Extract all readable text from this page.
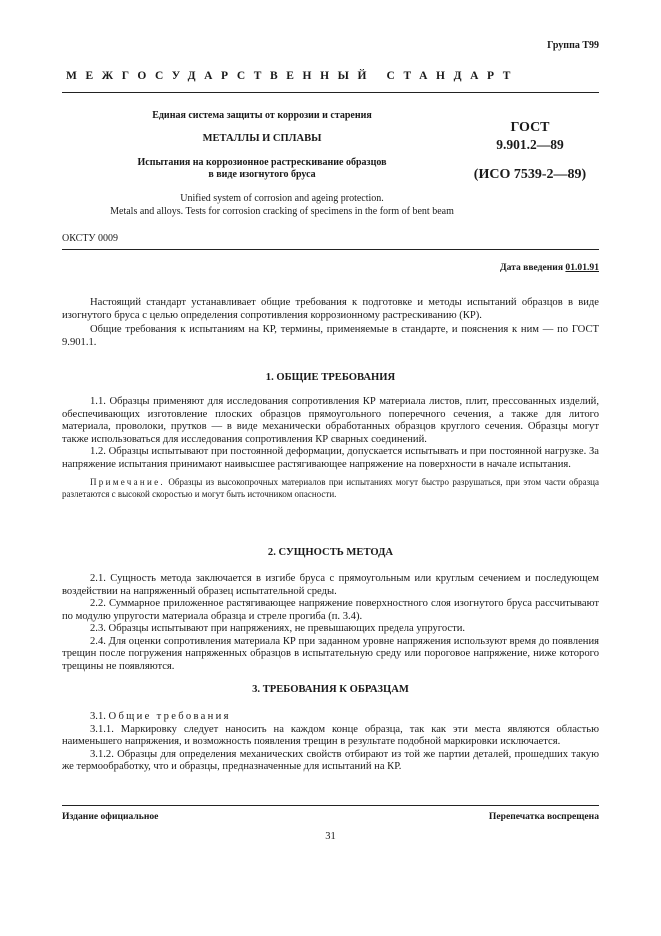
Группа Т99
МЕЖГОСУДАРСТВЕННЫЙ СТАНДАРТ
Единая система защиты от коррозии и старения
МЕТАЛЛЫ И СПЛАВЫ
Испытания на коррозионное растрескивание образцов
в виде изогнутого бруса
ГОСТ
9.901.2—89
(ИСО 7539-2—89)
Unified system of corrosion and ageing protection.
Metals and alloys. Tests for corrosion cracking of specimens in the form of bent beam
ОКСТУ 0009
Дата введения 01.01.91

Настоящий стандарт устанавливает общие требования к подготовке и методы испытаний образцов в виде изогнутого бруса с целью определения сопротивления коррозионному растрескиванию (КР).

Общие требования к испытаниям на КР, термины, применяемые в стандарте, и пояснения к ним — по ГОСТ 9.901.1.

1. ОБЩИЕ ТРЕБОВАНИЯ

1.1. Образцы применяют для исследования сопротивления КР материала листов, плит, прессованных изделий, обеспечивающих изготовление плоских образцов прямоугольного поперечного сечения, а также для литого материала, проволоки, прутков — в виде механически обработанных образцов круглого сечения. Образцы могут также использоваться для исследования сопротивления КР сварных соединений.

1.2. Образцы испытывают при постоянной деформации, допускается испытывать и при постоянной нагрузке. За напряжение испытания принимают наивысшее растягивающее напряжение на поверхности в начале испытания.

Примечание. Образцы из высокопрочных материалов при испытаниях могут быстро разрушаться, при этом части образца разлетаются с высокой скоростью и могут быть источником опасности.

2. СУЩНОСТЬ МЕТОДА

2.1. Сущность метода заключается в изгибе бруса с прямоугольным или круглым сечением и последующем воздействии на напряженный образец испытательной среды.

2.2. Суммарное приложенное растягивающее напряжение поверхностного слоя изогнутого бруса рассчитывают по модулю упругости материала образца и стреле прогиба (п. 3.4).

2.3. Образцы испытывают при напряжениях, не превышающих предела упругости.

2.4. Для оценки сопротивления материала КР при заданном уровне напряжения используют время до появления трещин после погружения напряженных образцов в испытательную среду или пороговое напряжение, ниже которого трещины не появляются.

3. ТРЕБОВАНИЯ К ОБРАЗЦАМ

3.1. Общие требования

3.1.1. Маркировку следует наносить на каждом конце образца, так как эти места являются областью наименьшего напряжения, и возможность появления трещин в результате подобной маркировки исключается.

3.1.2. Образцы для определения механических свойств отбирают из той же партии деталей, прошедших такую же термообработку, что и образцы, предназначенные для испытаний на КР.

Издание официальное	Перепечатка воспрещена
31
